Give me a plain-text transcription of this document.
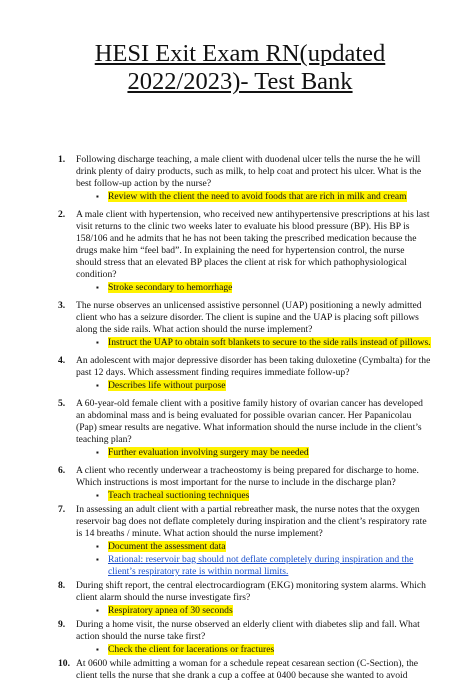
HESI Exit Exam RN(updated
2022/2023)- Test Bank
1. Following discharge teaching, a male client with duodenal ulcer tells the nurse the he will drink plenty of dairy products, such as milk, to help coat and protect his ulcer. What is the best follow-up action by the nurse?
▪ Review with the client the need to avoid foods that are rich in milk and cream
2. A male client with hypertension, who received new antihypertensive prescriptions at his last visit returns to the clinic two weeks later to evaluate his blood pressure (BP). His BP is 158/106 and he admits that he has not been taking the prescribed medication because the drugs make him “feel bad”. In explaining the need for hypertension control, the nurse should stress that an elevated BP places the client at risk for which pathophysiological condition?
▪ Stroke secondary to hemorrhage
3. The nurse observes an unlicensed assistive personnel (UAP) positioning a newly admitted client who has a seizure disorder. The client is supine and the UAP is placing soft pillows along the side rails. What action should the nurse implement?
▪ Instruct the UAP to obtain soft blankets to secure to the side rails instead of pillows.
4. An adolescent with major depressive disorder has been taking duloxetine (Cymbalta) for the past 12 days. Which assessment finding requires immediate follow-up?
▪ Describes life without purpose
5. A 60-year-old female client with a positive family history of ovarian cancer has developed an abdominal mass and is being evaluated for possible ovarian cancer. Her Papanicolau (Pap) smear results are negative. What information should the nurse include in the client’s teaching plan?
▪ Further evaluation involving surgery may be needed
6. A client who recently underwear a tracheostomy is being prepared for discharge to home. Which instructions is most important for the nurse to include in the discharge plan?
▪ Teach tracheal suctioning techniques
7. In assessing an adult client with a partial rebreather mask, the nurse notes that the oxygen reservoir bag does not deflate completely during inspiration and the client’s respiratory rate is 14 breaths / minute. What action should the nurse implement?
▪ Document the assessment data
▪ Rational: reservoir bag should not deflate completely during inspiration and the client’s respiratory rate is within normal limits.
8. During shift report, the central electrocardiogram (EKG) monitoring system alarms. Which client alarm should the nurse investigate firs?
▪ Respiratory apnea of 30 seconds
9. During a home visit, the nurse observed an elderly client with diabetes slip and fall. What action should the nurse take first?
▪ Check the client for lacerations or fractures
10. At 0600 while admitting a woman for a schedule repeat cesarean section (C-Section), the client tells the nurse that she drank a cup a coffee at 0400 because she wanted to avoid
